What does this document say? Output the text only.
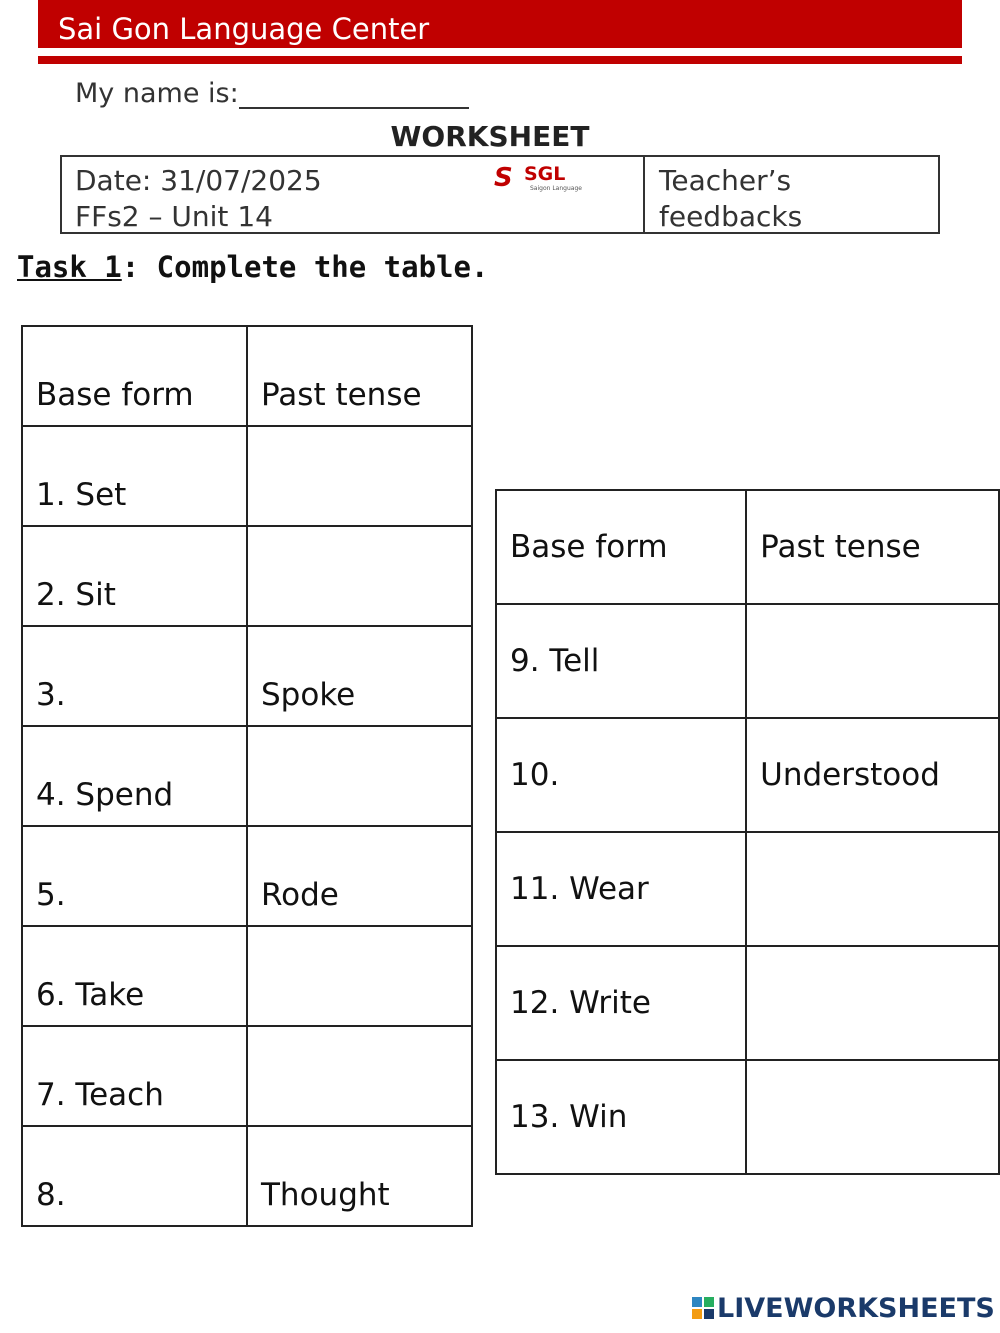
Sai Gon Language Center
My name is:
WORKSHEET
Date: 31/07/2025
FFs2 – Unit 14
S SGL
Saigon Language	Teacher’s
feedbacks
Task 1: Complete the table.
Base form	Past tense
1. Set	
2. Sit	
3.	Spoke
4. Spend	
5.	Rode
6. Take	
7. Teach	
8.	Thought
Base form	Past tense
9. Tell	
10.	Understood
11. Wear	
12. Write	
13. Win	
LIVEWORKSHEETS
